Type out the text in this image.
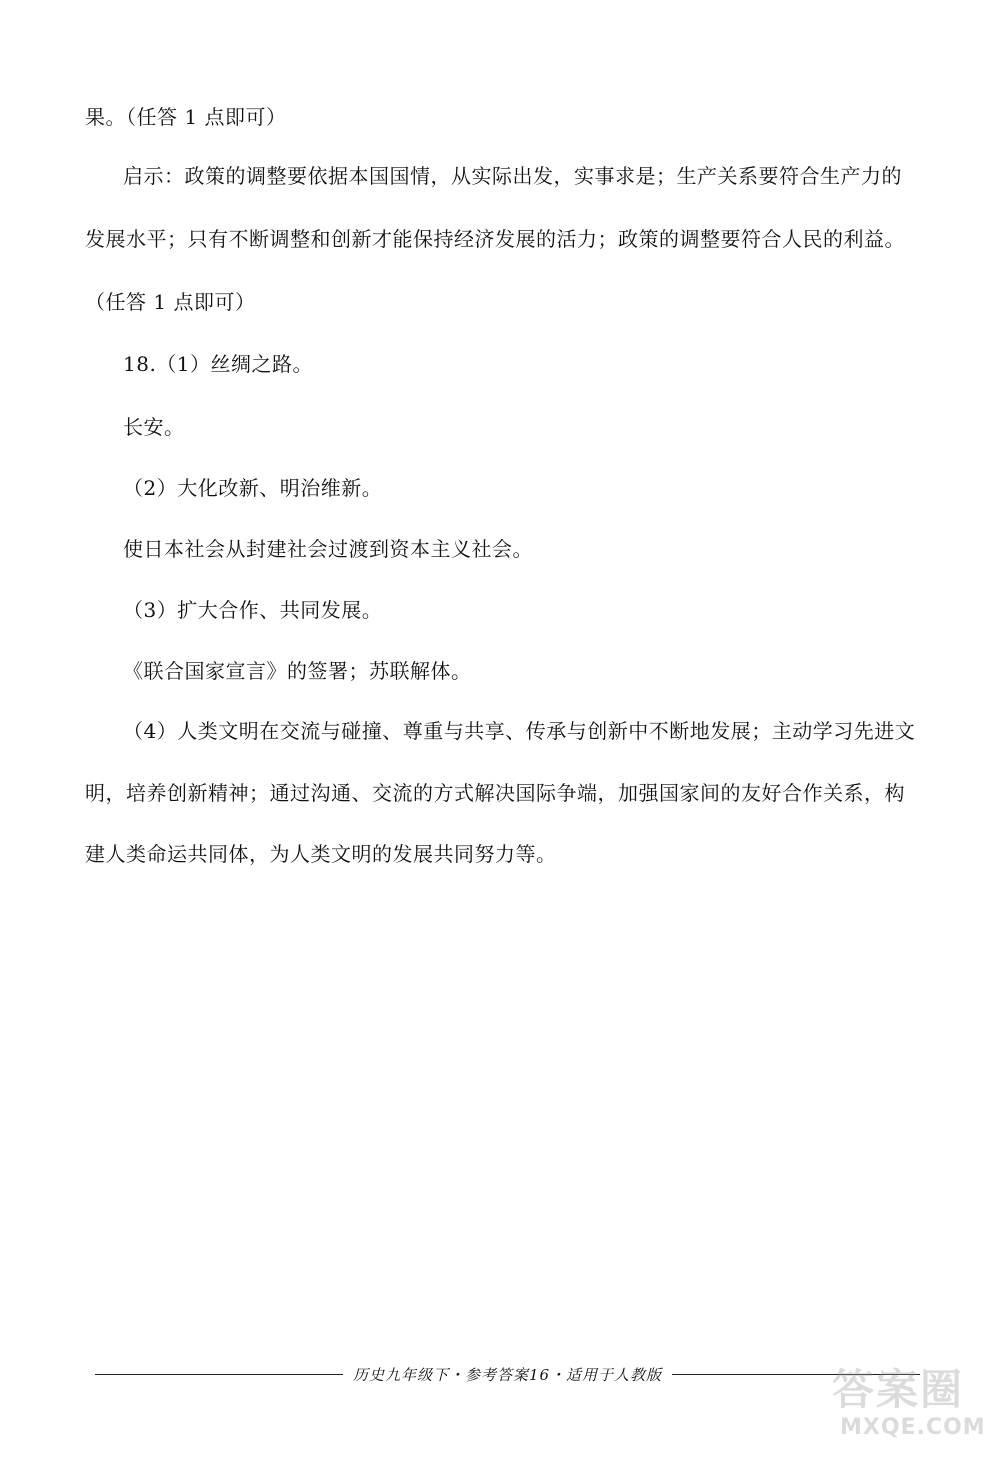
果。（任答 1 点即可）
启示：政策的调整要依据本国国情，从实际出发，实事求是；生产关系要符合生产力的
发展水平；只有不断调整和创新才能保持经济发展的活力；政策的调整要符合人民的利益。
（任答 1 点即可）
18.（1）丝绸之路。
长安。
（2）大化改新、明治维新。
使日本社会从封建社会过渡到资本主义社会。
（3）扩大合作、共同发展。
《联合国家宣言》的签署；苏联解体。
（4）人类文明在交流与碰撞、尊重与共享、传承与创新中不断地发展；主动学习先进文
明，培养创新精神；通过沟通、交流的方式解决国际争端，加强国家间的友好合作关系，构
建人类命运共同体，为人类文明的发展共同努力等。
历史九年级下・参考答案16・适用于人教版	答案圈
MXQE.COM
